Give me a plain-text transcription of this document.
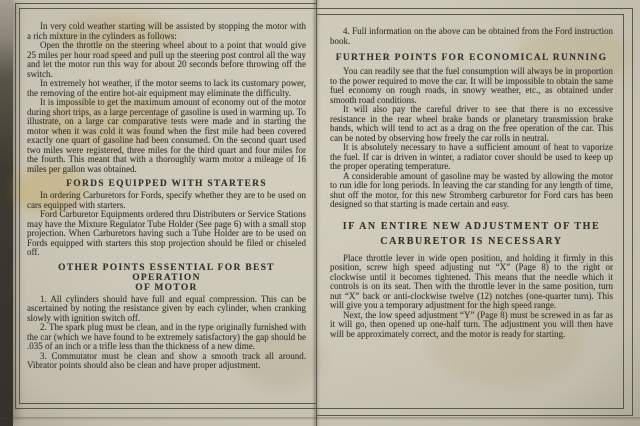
In very cold weather starting will be assisted by stopping the motor with a rich mixture in the cylinders as follows:

Open the throttle on the steering wheel about to a point that would give 25 miles per hour road speed and pull up the steering post control all the way and let the motor run this way for about 20 seconds before throwing off the switch.

In extremely hot weather, if the motor seems to lack its customary power, the removing of the entire hot-air equipment may eliminate the difficulty.

It is impossible to get the maximum amount of economy out of the motor during short trips, as a large percentage of gasoline is used in warming up. To illustrate, on a large car comparative tests were made and in starting the motor when it was cold it was found when the first mile had been covered exactly one quart of gasoline had been consumed. On the second quart used two miles were registered, three miles for the third quart and four miles for the fourth. This meant that with a thoroughly warm motor a mileage of 16 miles per gallon was obtained.

FORDS EQUIPPED WITH STARTERS

In ordering Carburetors for Fords, specify whether they are to be used on cars equipped with starters.

Ford Carburetor Equipments ordered thru Distributers or Service Stations may have the Mixture Regulator Tube Holder (See page 6) with a small stop projection. When Carburetors having such a Tube Holder are to be used on Fords equipped with starters this stop projection should be filed or chiseled off.

OTHER POINTS ESSENTIAL FOR BEST OPERATION
OF MOTOR

1. All cylinders should have full and equal compression. This can be ascertained by noting the resistance given by each cylinder, when cranking slowly with ignition switch off.

2. The spark plug must be clean, and in the type originally furnished with the car (which we have found to be extremely satisfactory) the gap should be .035 of an inch or a trifle less than the thickness of a new dime.

3. Commutator must be clean and show a smooth track all around. Vibrator points should also be clean and have proper adjustment.

4. Full information on the above can be obtained from the Ford instruction book.

FURTHER POINTS FOR ECONOMICAL RUNNING

You can readily see that the fuel consumption will always be in proportion to the power required to move the car. It will be impossible to obtain the same fuel economy on rough roads, in snowy weather, etc., as obtained under smooth road conditions.

It will also pay the careful driver to see that there is no excessive resistance in the rear wheel brake bands or planetary transmission brake bands, which will tend to act as a drag on the free operation of the car. This can be noted by observing how freely the car rolls in neutral.

It is absolutely necessary to have a sufficient amount of heat to vaporize the fuel. If car is driven in winter, a radiator cover should be used to keep up the proper operating temperature.

A considerable amount of gasoline may be wasted by allowing the motor to run idle for long periods. In leaving the car standing for any length of time, shut off the motor, for this new Stromberg carburetor for Ford cars has been designed so that starting is made certain and easy.

IF AN ENTIRE NEW ADJUSTMENT OF THE
CARBURETOR IS NECESSARY

Place throttle lever in wide open position, and holding it firmly in this position, screw high speed adjusting nut “X” (Page 8) to the right or clockwise until it becomes tightened. This means that the needle which it controls is on its seat. Then with the throttle lever in the same position, turn nut “X” back or anti-clockwise twelve (12) notches (one-quarter turn). This will give you a temporary adjustment for the high speed range.

Next, the low speed adjustment “Y” (Page 8) must be screwed in as far as it will go, then opened up one-half turn. The adjustment you will then have will be approximately correct, and the motor is ready for starting.
